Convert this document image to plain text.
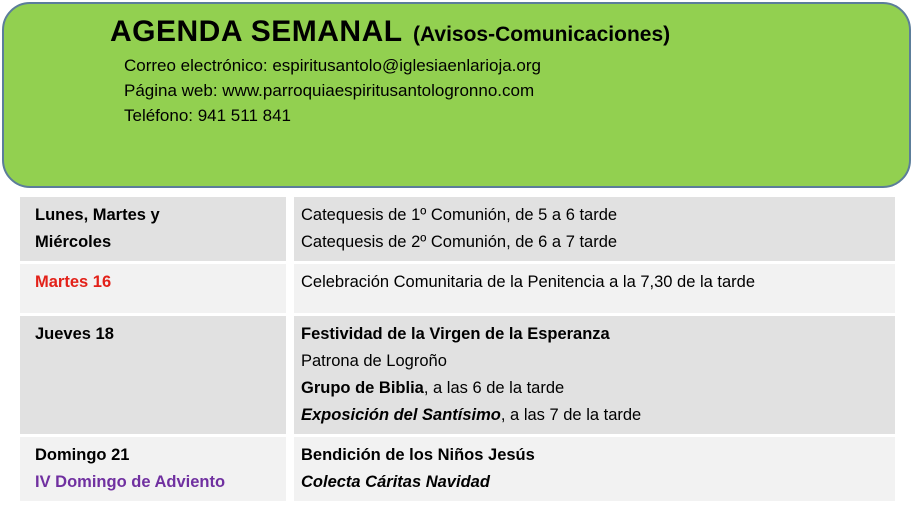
AGENDA SEMANAL (Avisos-Comunicaciones)
Correo electrónico: espiritusantolo@iglesiaenlarioja.org
Página web: www.parroquiaespiritusantologronno.com
Teléfono: 941 511 841
Lunes, Martes y
Miércoles
Catequesis de 1º Comunión, de 5 a 6 tarde
Catequesis de 2º Comunión, de 6 a 7 tarde
Martes 16	Celebración Comunitaria de la Penitencia a la 7,30 de la tarde
Jueves 18	Festividad de la Virgen de la Esperanza
Patrona de Logroño
Grupo de Biblia, a las 6 de la tarde
Exposición del Santísimo, a las 7 de la tarde
Domingo 21
IV Domingo de Adviento
Bendición de los Niños Jesús
Colecta Cáritas Navidad
